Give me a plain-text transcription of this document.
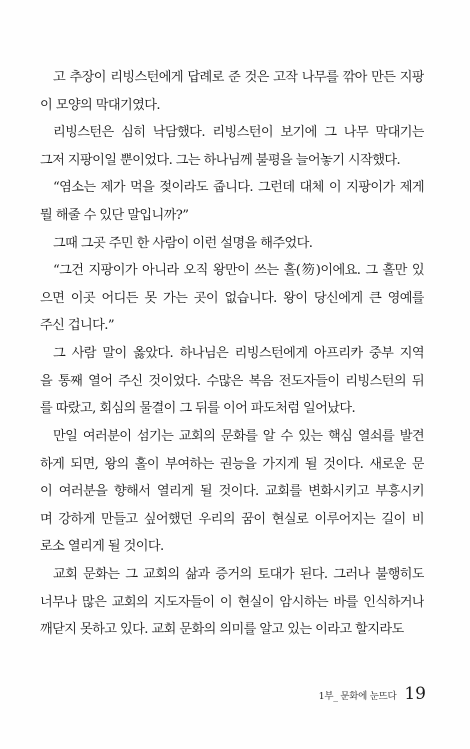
고 추장이 리빙스턴에게 답례로 준 것은 고작 나무를 깎아 만든 지팡
이 모양의 막대기였다.
리빙스턴은 심히 낙담했다. 리빙스턴이 보기에 그 나무 막대기는
그저 지팡이일 뿐이었다. 그는 하나님께 불평을 늘어놓기 시작했다.
“염소는 제가 먹을 젖이라도 줍니다. 그런데 대체 이 지팡이가 제게
뭘 해줄 수 있단 말입니까?”
그때 그곳 주민 한 사람이 이런 설명을 해주었다.
“그건 지팡이가 아니라 오직 왕만이 쓰는 홀(笏)이에요. 그 홀만 있
으면 이곳 어디든 못 가는 곳이 없습니다. 왕이 당신에게 큰 영예를
주신 겁니다.”
그 사람 말이 옳았다. 하나님은 리빙스턴에게 아프리카 중부 지역
을 통째 열어 주신 것이었다. 수많은 복음 전도자들이 리빙스턴의 뒤
를 따랐고, 회심의 물결이 그 뒤를 이어 파도처럼 일어났다.
만일 여러분이 섬기는 교회의 문화를 알 수 있는 핵심 열쇠를 발견
하게 되면, 왕의 홀이 부여하는 권능을 가지게 될 것이다. 새로운 문
이 여러분을 향해서 열리게 될 것이다. 교회를 변화시키고 부흥시키
며 강하게 만들고 싶어했던 우리의 꿈이 현실로 이루어지는 길이 비
로소 열리게 될 것이다.
교회 문화는 그 교회의 삶과 증거의 토대가 된다. 그러나 불행히도
너무나 많은 교회의 지도자들이 이 현실이 암시하는 바를 인식하거나
깨닫지 못하고 있다. 교회 문화의 의미를 알고 있는 이라고 할지라도
1부_ 문화에 눈뜨다 19
